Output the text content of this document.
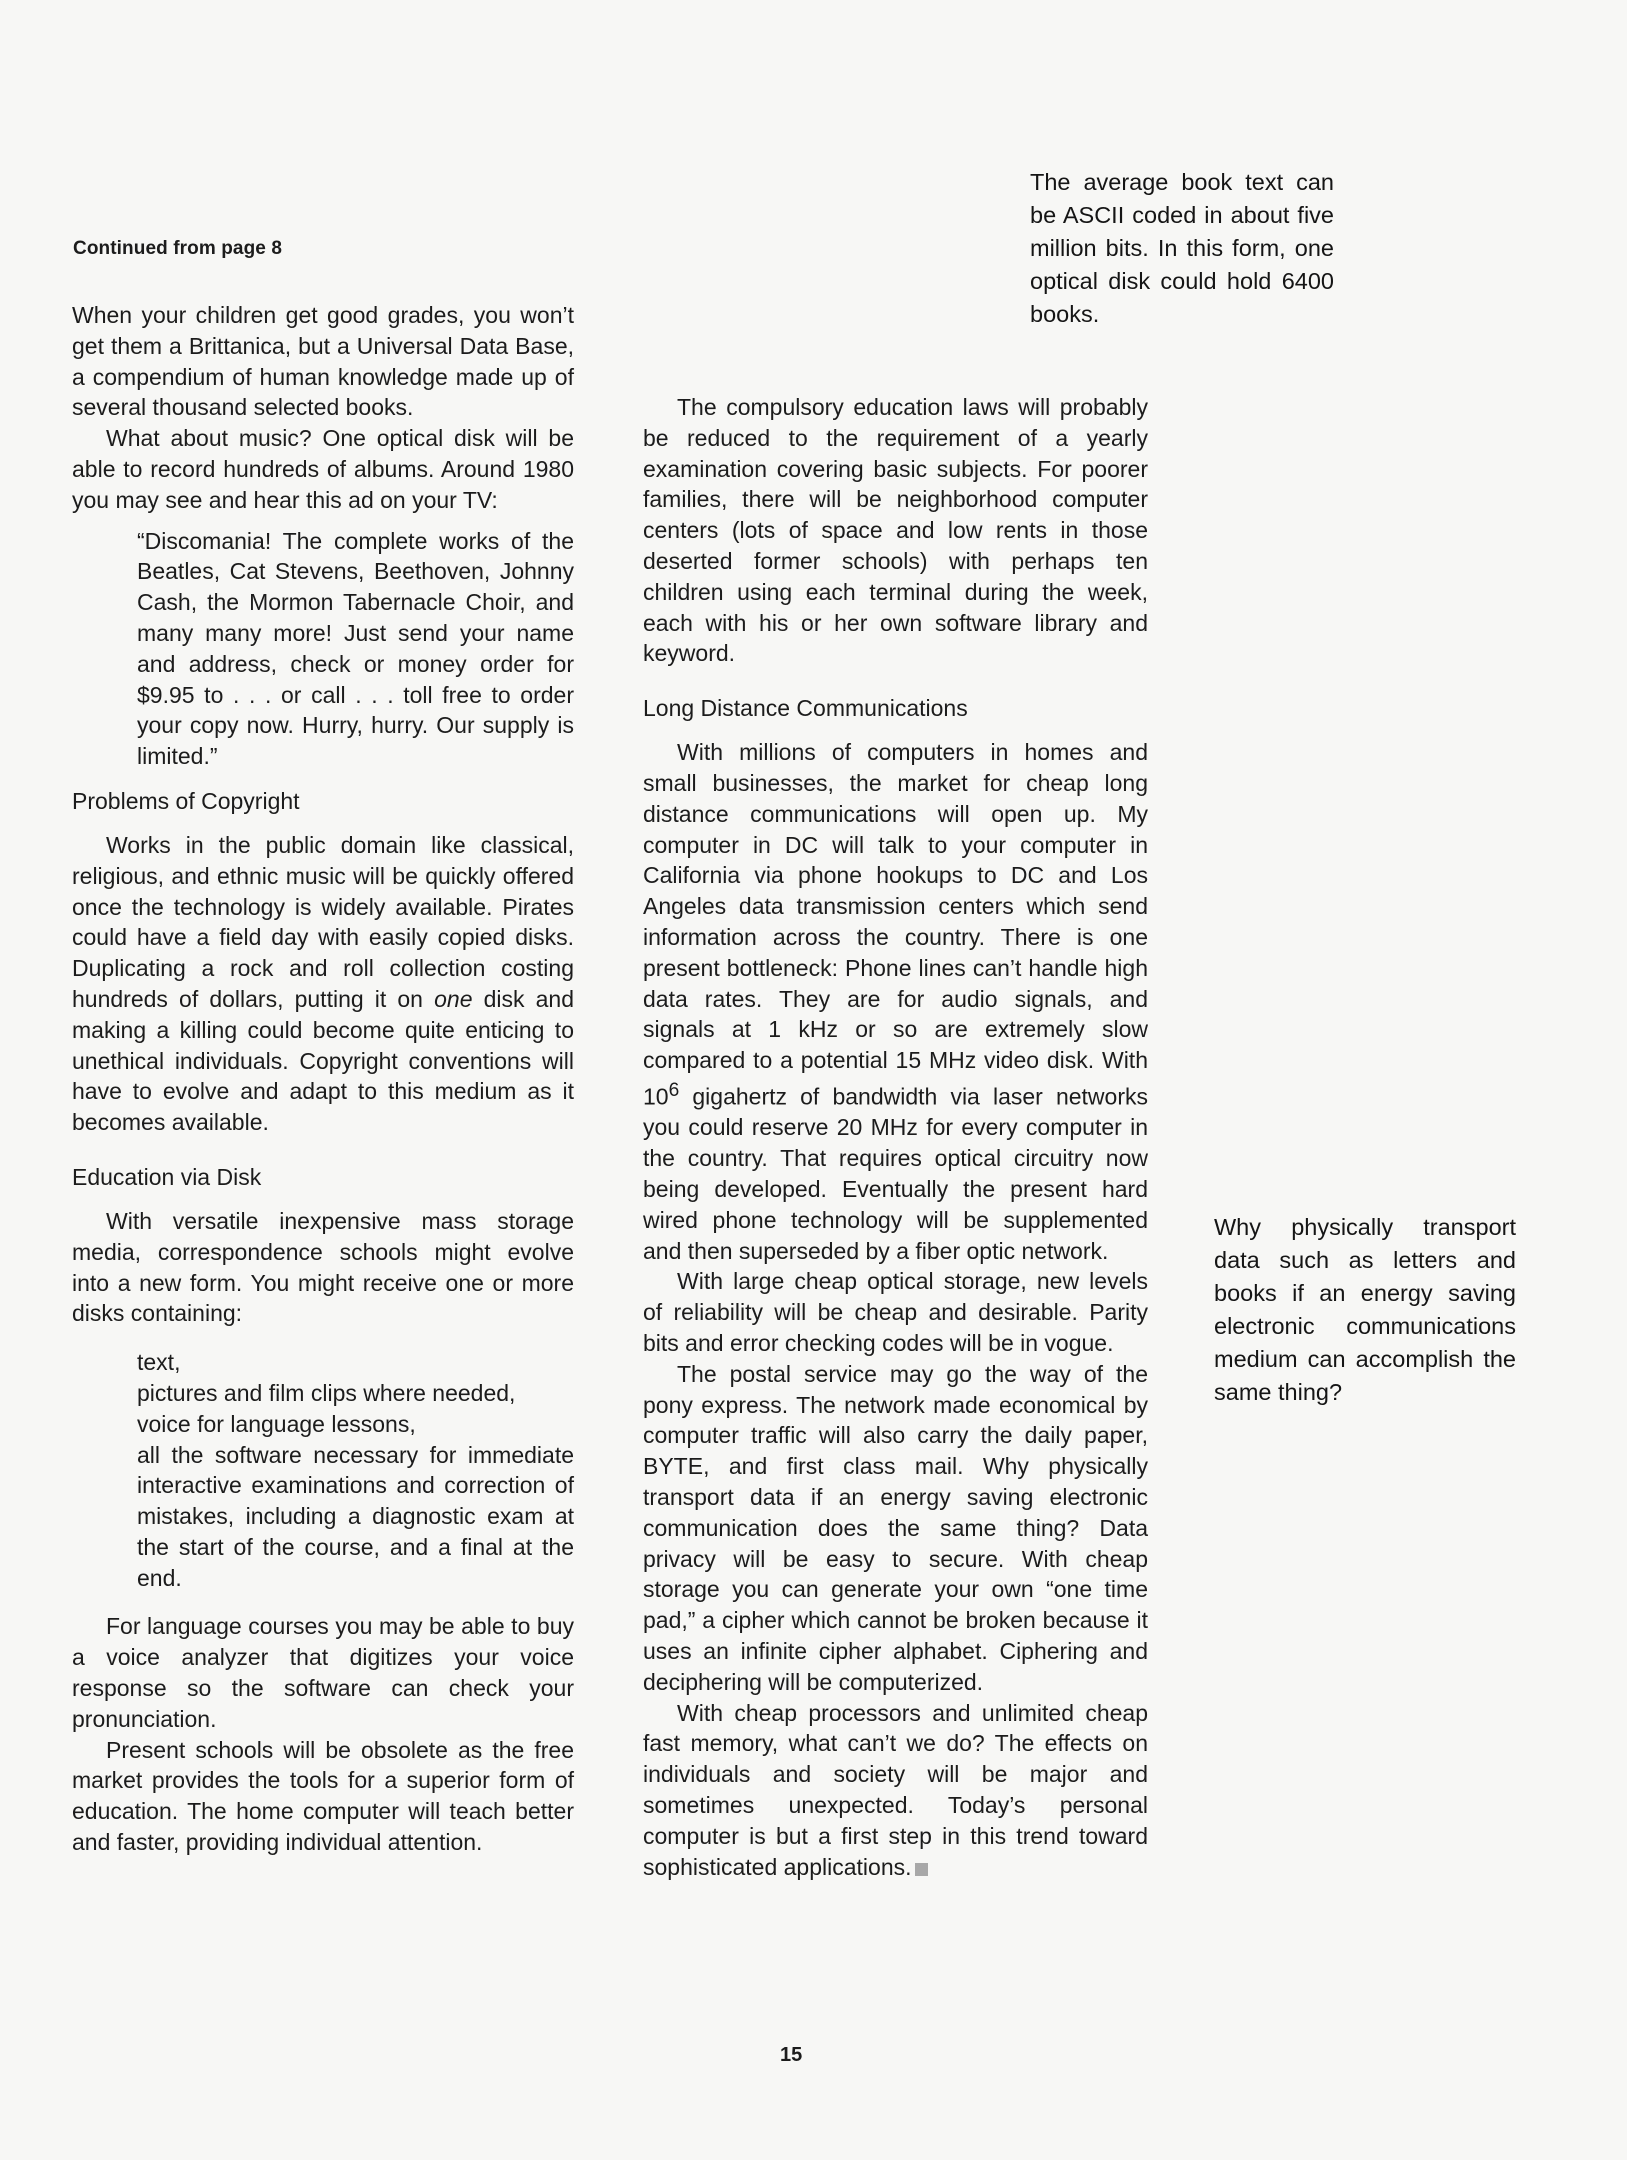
Continued from page 8
The average book text can be ASCII coded in about five million bits. In this form, one optical disk could hold 6400 books.

When your children get good grades, you won’t get them a Brittanica, but a Universal Data Base, a compendium of human knowledge made up of several thousand selected books.

What about music? One optical disk will be able to record hundreds of albums. Around 1980 you may see and hear this ad on your TV:

“Discomania! The complete works of the Beatles, Cat Stevens, Beethoven, Johnny Cash, the Mormon Tabernacle Choir, and many many more! Just send your name and address, check or money order for $9.95 to . . . or call . . . toll free to order your copy now. Hurry, hurry. Our supply is limited.”

Problems of Copyright

Works in the public domain like classical, religious, and ethnic music will be quickly offered once the technology is widely available. Pirates could have a field day with easily copied disks. Duplicating a rock and roll collection costing hundreds of dollars, putting it on one disk and making a killing could become quite enticing to unethical individuals. Copyright conventions will have to evolve and adapt to this medium as it becomes available.

Education via Disk

With versatile inexpensive mass storage media, correspondence schools might evolve into a new form. You might receive one or more disks containing:

text,
pictures and film clips where needed,
voice for language lessons,
all the software necessary for immediate interactive examinations and correction of mistakes, including a diagnostic exam at the start of the course, and a final at the end.

For language courses you may be able to buy a voice analyzer that digitizes your voice response so the software can check your pronunciation.

Present schools will be obsolete as the free market provides the tools for a superior form of education. The home computer will teach better and faster, providing individual attention.

The compulsory education laws will probably be reduced to the requirement of a yearly examination covering basic subjects. For poorer families, there will be neighborhood computer centers (lots of space and low rents in those deserted former schools) with perhaps ten children using each terminal during the week, each with his or her own software library and keyword.

Long Distance Communications

With millions of computers in homes and small businesses, the market for cheap long distance communications will open up. My computer in DC will talk to your computer in California via phone hookups to DC and Los Angeles data transmission centers which send information across the country. There is one present bottleneck: Phone lines can’t handle high data rates. They are for audio signals, and signals at 1 kHz or so are extremely slow compared to a potential 15 MHz video disk. With $10^6$ gigahertz of bandwidth via laser networks you could reserve 20 MHz for every computer in the country. That requires optical circuitry now being developed. Eventually the present hard wired phone technology will be supplemented and then superseded by a fiber optic network.

With large cheap optical storage, new levels of reliability will be cheap and desirable. Parity bits and error checking codes will be in vogue.

The postal service may go the way of the pony express. The network made economical by computer traffic will also carry the daily paper, BYTE, and first class mail. Why physically transport data if an energy saving electronic communication does the same thing? Data privacy will be easy to secure. With cheap storage you can generate your own “one time pad,” a cipher which cannot be broken because it uses an infinite cipher alphabet. Ciphering and deciphering will be computerized.

With cheap processors and unlimited cheap fast memory, what can’t we do? The effects on individuals and society will be major and sometimes unexpected. Today’s personal computer is but a first step in this trend toward sophisticated applications.

Why physically transport data such as letters and books if an energy saving electronic communications medium can accomplish the same thing?
15
